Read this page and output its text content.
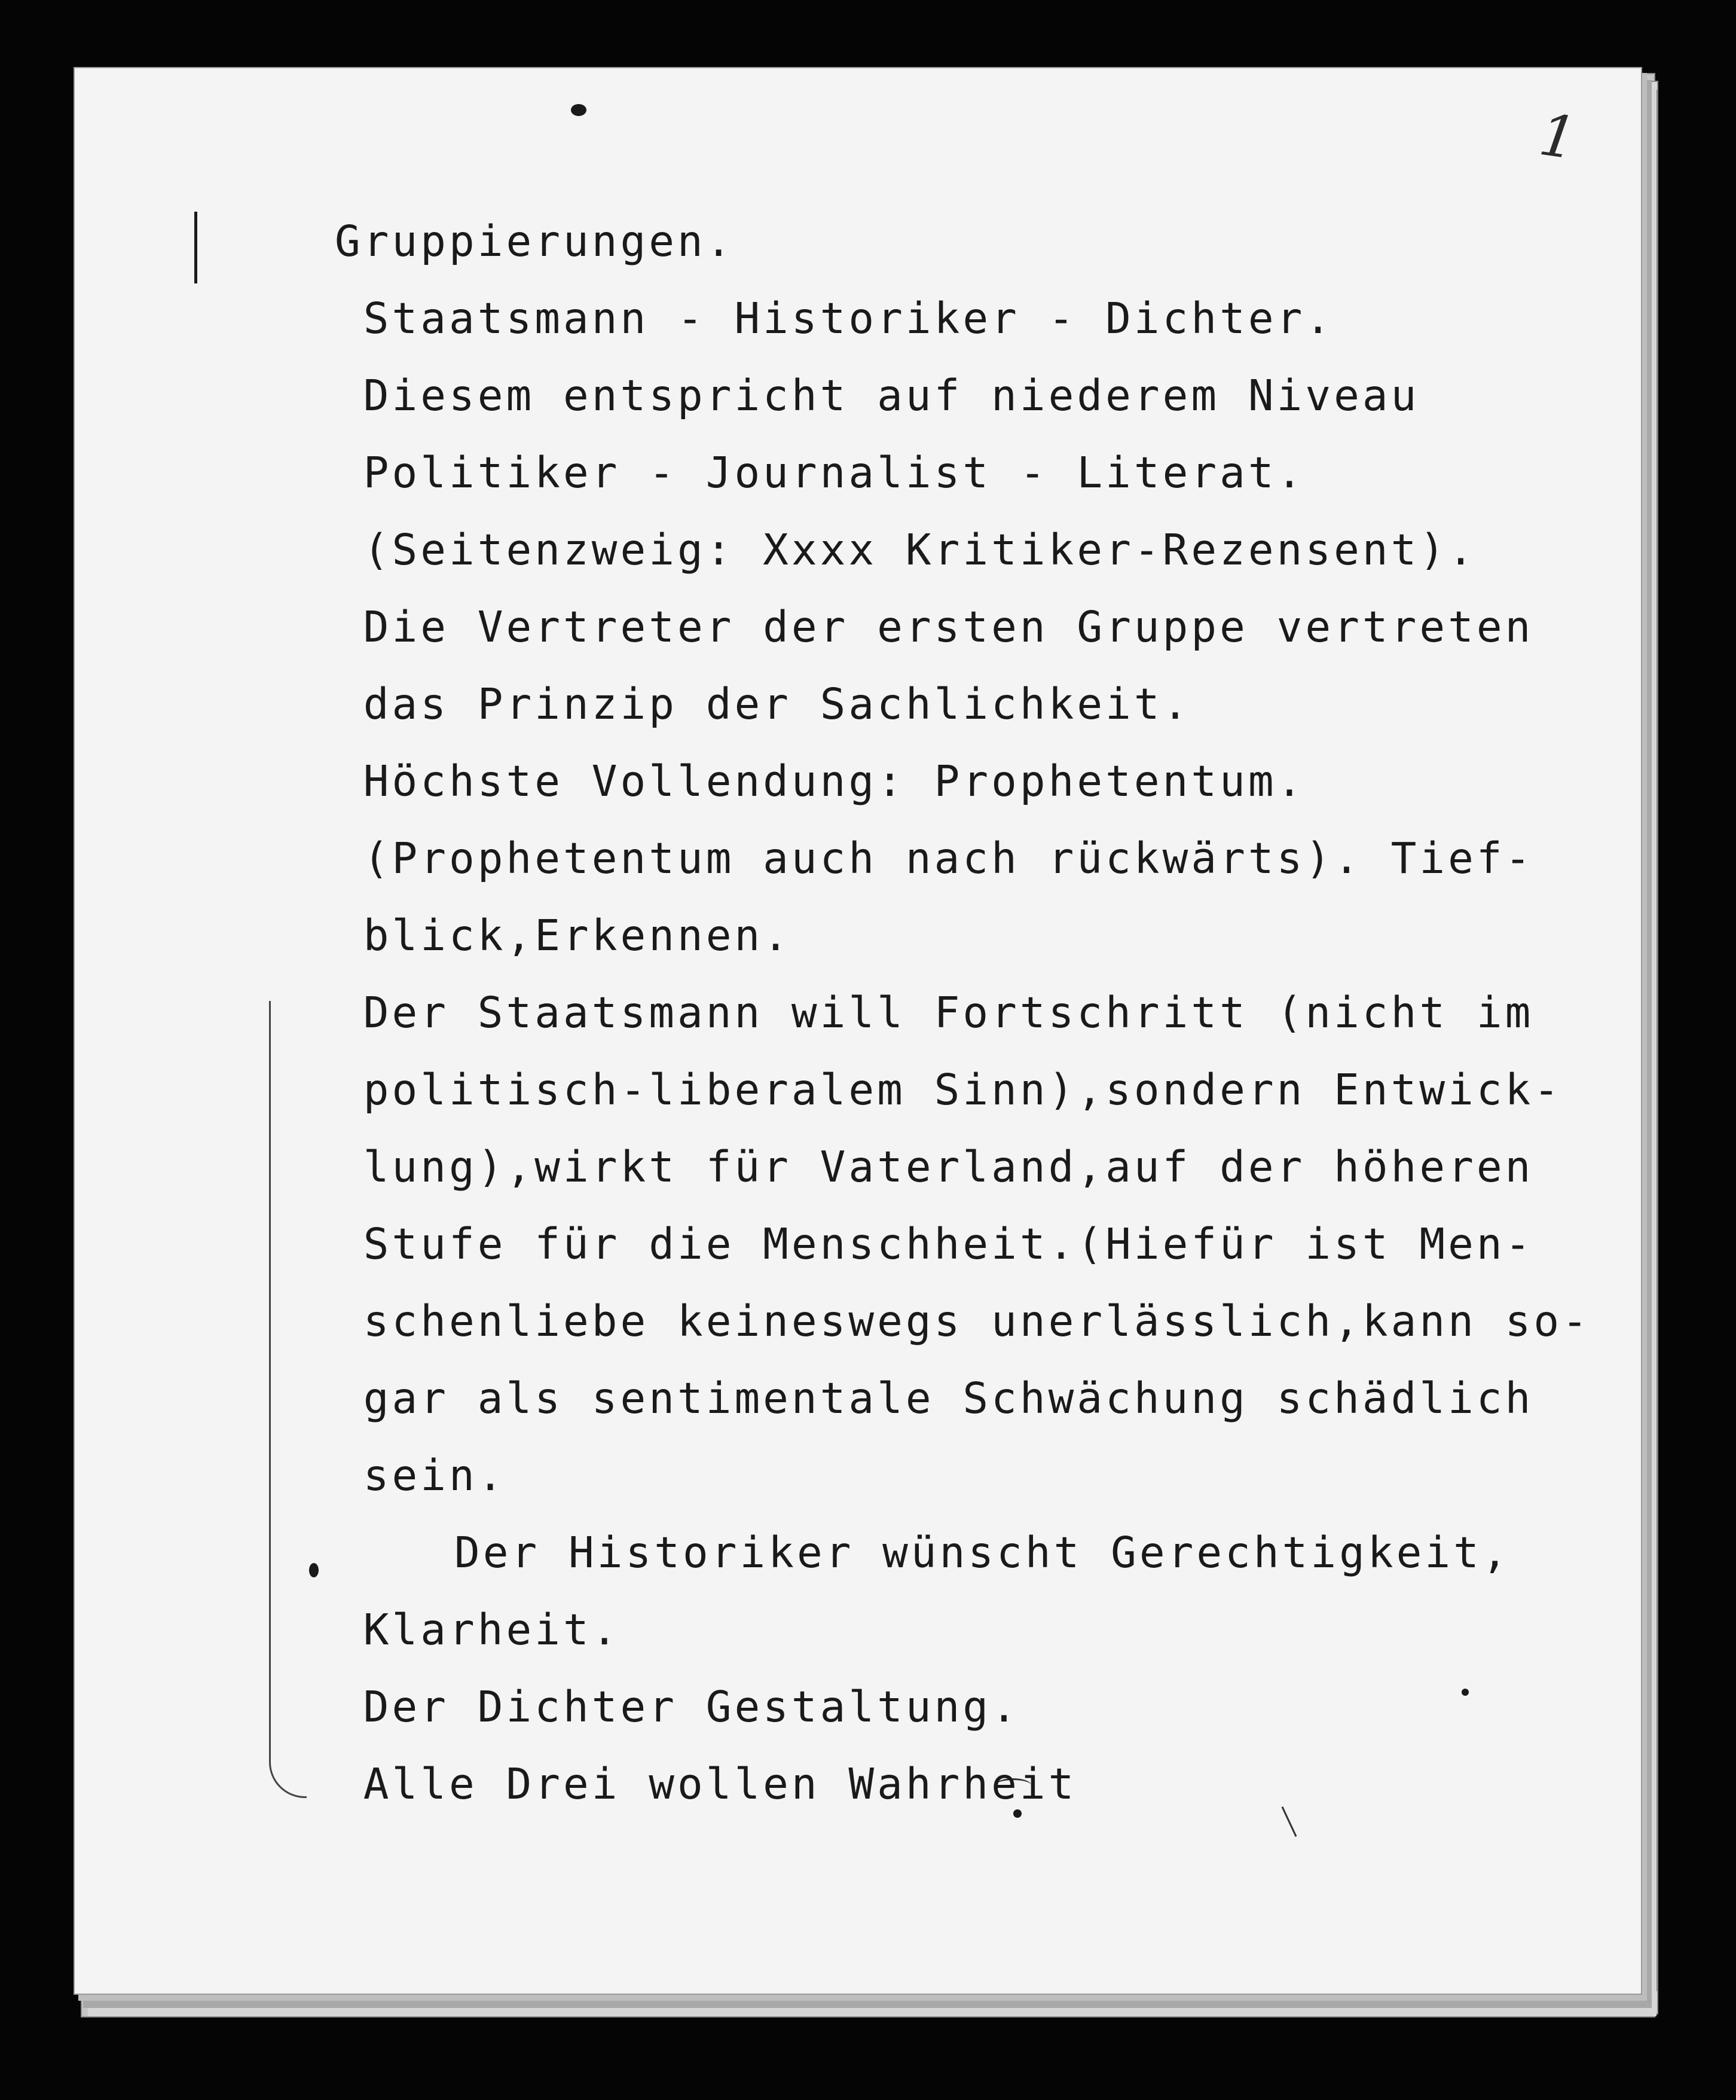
1
Gruppierungen.
Staatsmann - Historiker - Dichter.
Diesem entspricht auf niederem Niveau
Politiker - Journalist - Literat.
(Seitenzweig: Xxxx Kritiker-Rezensent).
Die Vertreter der ersten Gruppe vertreten
das Prinzip der Sachlichkeit.
Höchste Vollendung: Prophetentum.
(Prophetentum auch nach rückwärts). Tief-
blick,Erkennen.
Der Staatsmann will Fortschritt (nicht im
politisch-liberalem Sinn),sondern Entwick-
lung),wirkt für Vaterland,auf der höheren
Stufe für die Menschheit.(Hiefür ist Men-
schenliebe keineswegs unerlässlich,kann so-
gar als sentimentale Schwächung schädlich
sein.
Der Historiker wünscht Gerechtigkeit,
Klarheit.
Der Dichter Gestaltung.
Alle Drei wollen Wahrheit
